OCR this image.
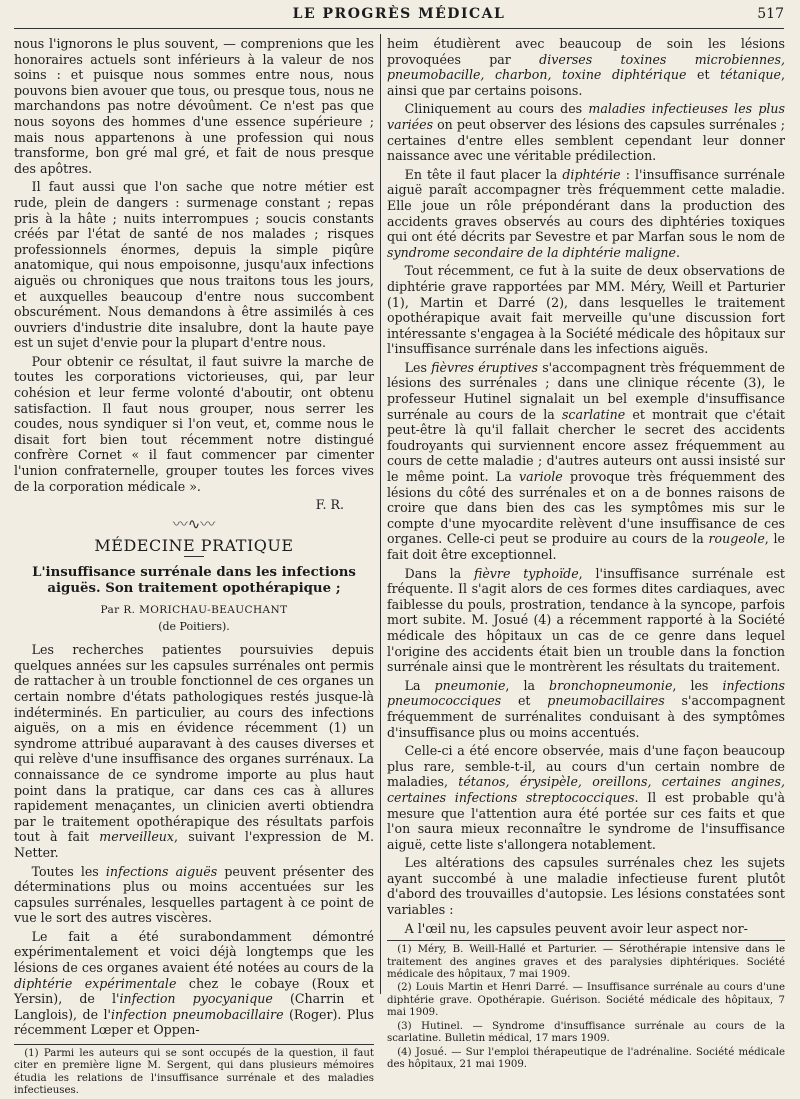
LE PROGRÈS MÉDICAL	517

nous l'ignorons le plus souvent, — comprenions que les honoraires actuels sont inférieurs à la valeur de nos soins : et puisque nous sommes entre nous, nous pouvons bien avouer que tous, ou presque tous, nous ne marchandons pas notre dévoûment. Ce n'est pas que nous soyons des hommes d'une essence supérieure ; mais nous appartenons à une profession qui nous transforme, bon gré mal gré, et fait de nous presque des apôtres.

Il faut aussi que l'on sache que notre métier est rude, plein de dangers : surmenage constant ; repas pris à la hâte ; nuits interrompues ; soucis constants créés par l'état de santé de nos malades ; risques professionnels énormes, depuis la simple piqûre anatomique, qui nous empoisonne, jusqu'aux infections aiguës ou chroniques que nous traitons tous les jours, et auxquelles beaucoup d'entre nous succombent obscurément. Nous demandons à être assimilés à ces ouvriers d'industrie dite insalubre, dont la haute paye est un sujet d'envie pour la plupart d'entre nous.

Pour obtenir ce résultat, il faut suivre la marche de toutes les corporations victorieuses, qui, par leur cohésion et leur ferme volonté d'aboutir, ont obtenu satisfaction. Il faut nous grouper, nous serrer les coudes, nous syndiquer si l'on veut, et, comme nous le disait fort bien tout récemment notre distingué confrère Cornet « il faut commencer par cimenter l'union confraternelle, grouper toutes les forces vives de la corporation médicale ».

F. R.
〰∿〰
MÉDECINE PRATIQUE
L'insuffisance surrénale dans les infections aiguës. Son traitement opothérapique ;
Par R. MORICHAU-BEAUCHANT
(de Poitiers).

Les recherches patientes poursuivies depuis quelques années sur les capsules surrénales ont permis de rattacher à un trouble fonctionnel de ces organes un certain nombre d'états pathologiques restés jusque-là indéterminés. En particulier, au cours des infections aiguës, on a mis en évidence récemment (1) un syndrome attribué auparavant à des causes diverses et qui relève d'une insuffisance des organes surrénaux. La connaissance de ce syndrome importe au plus haut point dans la pratique, car dans ces cas à allures rapidement menaçantes, un clinicien averti obtiendra par le traitement opothérapique des résultats parfois tout à fait merveilleux, suivant l'expression de M. Netter.

Toutes les infections aiguës peuvent présenter des déterminations plus ou moins accentuées sur les capsules surrénales, lesquelles partagent à ce point de vue le sort des autres viscères.

Le fait a été surabondamment démontré expérimentalement et voici déjà longtemps que les lésions de ces organes avaient été notées au cours de la diphtérie expérimentale chez le cobaye (Roux et Yersin), de l'infection pyocyanique (Charrin et Langlois), de l'infection pneumobacillaire (Roger). Plus récemment Lœper et Oppen-

(1) Parmi les auteurs qui se sont occupés de la question, il faut citer en première ligne M. Sergent, qui dans plusieurs mémoires étudia les relations de l'insuffisance surrénale et des maladies infectieuses.

heim étudièrent avec beaucoup de soin les lésions provoquées par diverses toxines microbiennes, pneumobacille, charbon, toxine diphtérique et tétanique, ainsi que par certains poisons.

Cliniquement au cours des maladies infectieuses les plus variées on peut observer des lésions des capsules surrénales ; certaines d'entre elles semblent cependant leur donner naissance avec une véritable prédilection.

En tête il faut placer la diphtérie : l'insuffisance surrénale aiguë paraît accompagner très fréquemment cette maladie. Elle joue un rôle prépondérant dans la production des accidents graves observés au cours des diphtéries toxiques qui ont été décrits par Sevestre et par Marfan sous le nom de syndrome secondaire de la diphtérie maligne.

Tout récemment, ce fut à la suite de deux observations de diphtérie grave rapportées par MM. Méry, Weill et Parturier (1), Martin et Darré (2), dans lesquelles le traitement opothérapique avait fait merveille qu'une discussion fort intéressante s'engagea à la Société médicale des hôpitaux sur l'insuffisance surrénale dans les infections aiguës.

Les fièvres éruptives s'accompagnent très fréquemment de lésions des surrénales ; dans une clinique récente (3), le professeur Hutinel signalait un bel exemple d'insuffisance surrénale au cours de la scarlatine et montrait que c'était peut-être là qu'il fallait chercher le secret des accidents foudroyants qui surviennent encore assez fréquemment au cours de cette maladie ; d'autres auteurs ont aussi insisté sur le même point. La variole provoque très fréquemment des lésions du côté des surrénales et on a de bonnes raisons de croire que dans bien des cas les symptômes mis sur le compte d'une myocardite relèvent d'une insuffisance de ces organes. Celle-ci peut se produire au cours de la rougeole, le fait doit être exceptionnel.

Dans la fièvre typhoïde, l'insuffisance surrénale est fréquente. Il s'agit alors de ces formes dites cardiaques, avec faiblesse du pouls, prostration, tendance à la syncope, parfois mort subite. M. Josué (4) a récemment rapporté à la Société médicale des hôpitaux un cas de ce genre dans lequel l'origine des accidents était bien un trouble dans la fonction surrénale ainsi que le montrèrent les résultats du traitement.

La pneumonie, la bronchopneumonie, les infections pneumococciques et pneumobacillaires s'accompagnent fréquemment de surrénalites conduisant à des symptômes d'insuffisance plus ou moins accentués.

Celle-ci a été encore observée, mais d'une façon beaucoup plus rare, semble-t-il, au cours d'un certain nombre de maladies, tétanos, érysipèle, oreillons, certaines angines, certaines infections streptococciques. Il est probable qu'à mesure que l'attention aura été portée sur ces faits et que l'on saura mieux reconnaître le syndrome de l'insuffisance aiguë, cette liste s'allongera notablement.

Les altérations des capsules surrénales chez les sujets ayant succombé à une maladie infectieuse furent plutôt d'abord des trouvailles d'autopsie. Les lésions constatées sont variables :

A l'œil nu, les capsules peuvent avoir leur aspect nor-

(1) Méry, B. Weill-Hallé et Parturier. — Sérothérapie intensive dans le traitement des angines graves et des paralysies diphtériques. Société médicale des hôpitaux, 7 mai 1909.

(2) Louis Martin et Henri Darré. — Insuffisance surrénale au cours d'une diphtérie grave. Opothérapie. Guérison. Société médicale des hôpitaux, 7 mai 1909.

(3) Hutinel. — Syndrome d'insuffisance surrénale au cours de la scarlatine. Bulletin médical, 17 mars 1909.

(4) Josué. — Sur l'emploi thérapeutique de l'adrénaline. Société médicale des hôpitaux, 21 mai 1909.
